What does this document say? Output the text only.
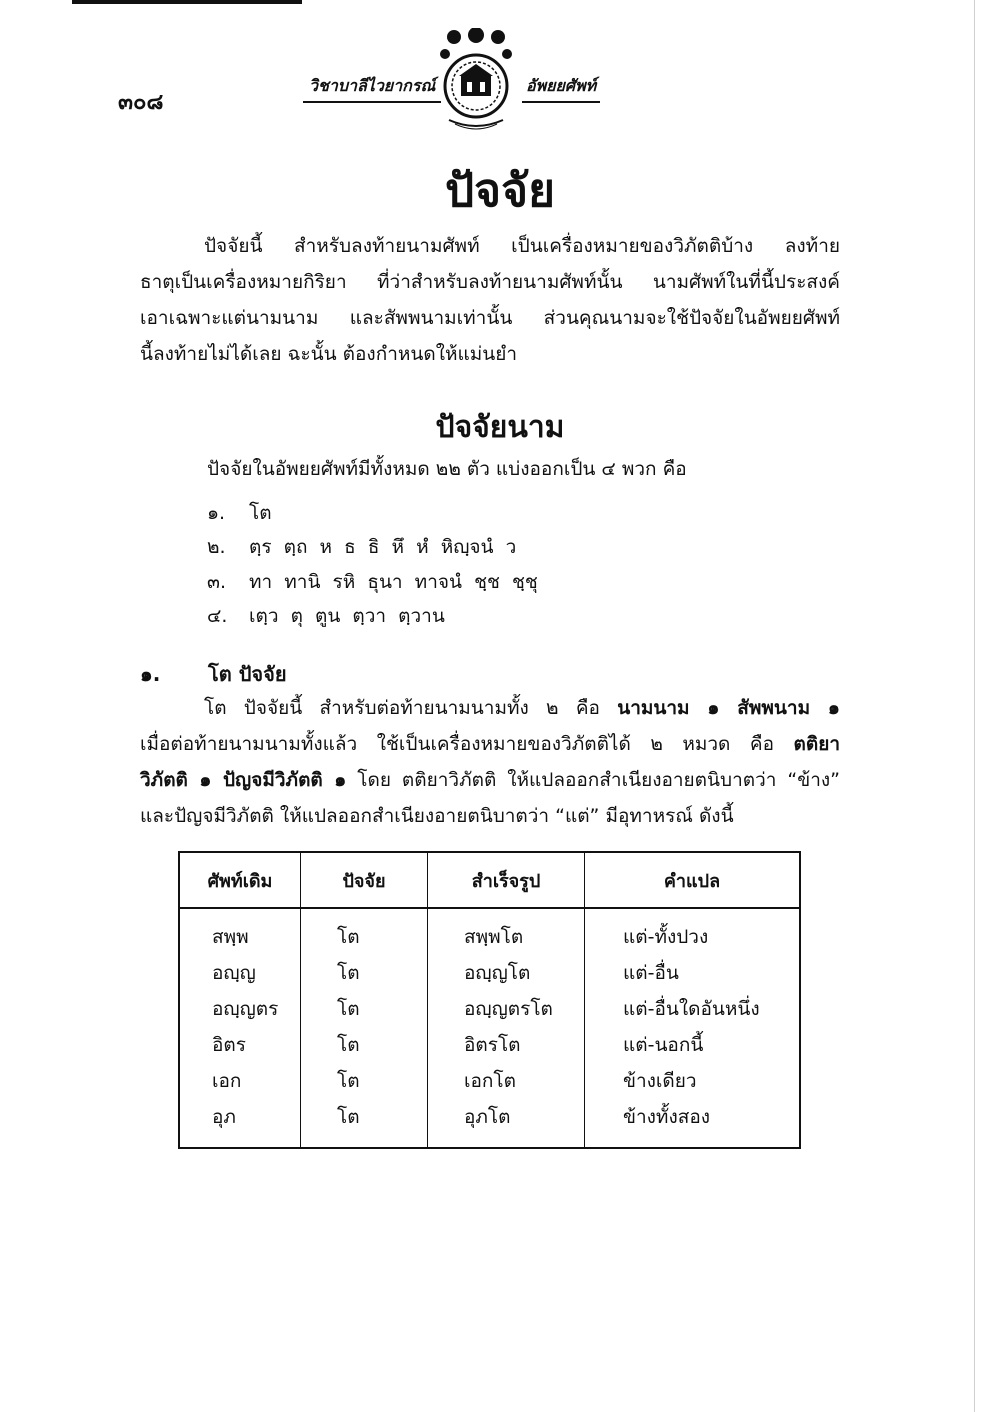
๓๐๘
วิชาบาลีไวยากรณ์	อัพยยศัพท์
ปัจจัย
ปัจจัยนี้ สำหรับลงท้ายนามศัพท์ เป็นเครื่องหมายของวิภัตติบ้าง ลงท้าย
ธาตุเป็นเครื่องหมายกิริยา ที่ว่าสำหรับลงท้ายนามศัพท์นั้น นามศัพท์ในที่นี้ประสงค์
เอาเฉพาะแต่นามนาม และสัพพนามเท่านั้น ส่วนคุณนามจะใช้ปัจจัยในอัพยยศัพท์
นี้ลงท้ายไม่ได้เลย ฉะนั้น ต้องกำหนดให้แม่นยำ
ปัจจัยนาม
ปัจจัยในอัพยยศัพท์มีทั้งหมด ๒๒ ตัว แบ่งออกเป็น ๔ พวก คือ
๑. โต
๒. ตฺร  ตฺถ  ห  ธ  ธิ  หึ  หํ  หิญฺจนํ  ว
๓. ทา  ทานิ  รหิ  ธุนา  ทาจนํ  ชฺช  ชฺชุ
๔. เตฺว  ตุ  ตูน  ตฺวา  ตฺวาน
๑. โต ปัจจัย
โต ปัจจัยนี้ สำหรับต่อท้ายนามนามทั้ง ๒ คือ นามนาม ๑ สัพพนาม ๑
เมื่อต่อท้ายนามนามทั้งแล้ว ใช้เป็นเครื่องหมายของวิภัตติได้ ๒ หมวด คือ ตติยา
วิภัตติ ๑ ปัญจมีวิภัตติ ๑ โดย ตติยาวิภัตติ ให้แปลออกสำเนียงอายตนิบาตว่า “ข้าง”
และปัญจมีวิภัตติ ให้แปลออกสำเนียงอายตนิบาตว่า “แต่” มีอุทาหรณ์ ดังนี้
ศัพท์เดิม	ปัจจัย	สำเร็จรูป	คำแปล
สพฺพ	โต	สพฺพโต	แต่-ทั้งปวง
อญฺญ	โต	อญฺญโต	แต่-อื่น
อญฺญตร	โต	อญฺญตรโต	แต่-อื่นใดอันหนึ่ง
อิตร	โต	อิตรโต	แต่-นอกนี้
เอก	โต	เอกโต	ข้างเดียว
อุภ	โต	อุภโต	ข้างทั้งสอง
